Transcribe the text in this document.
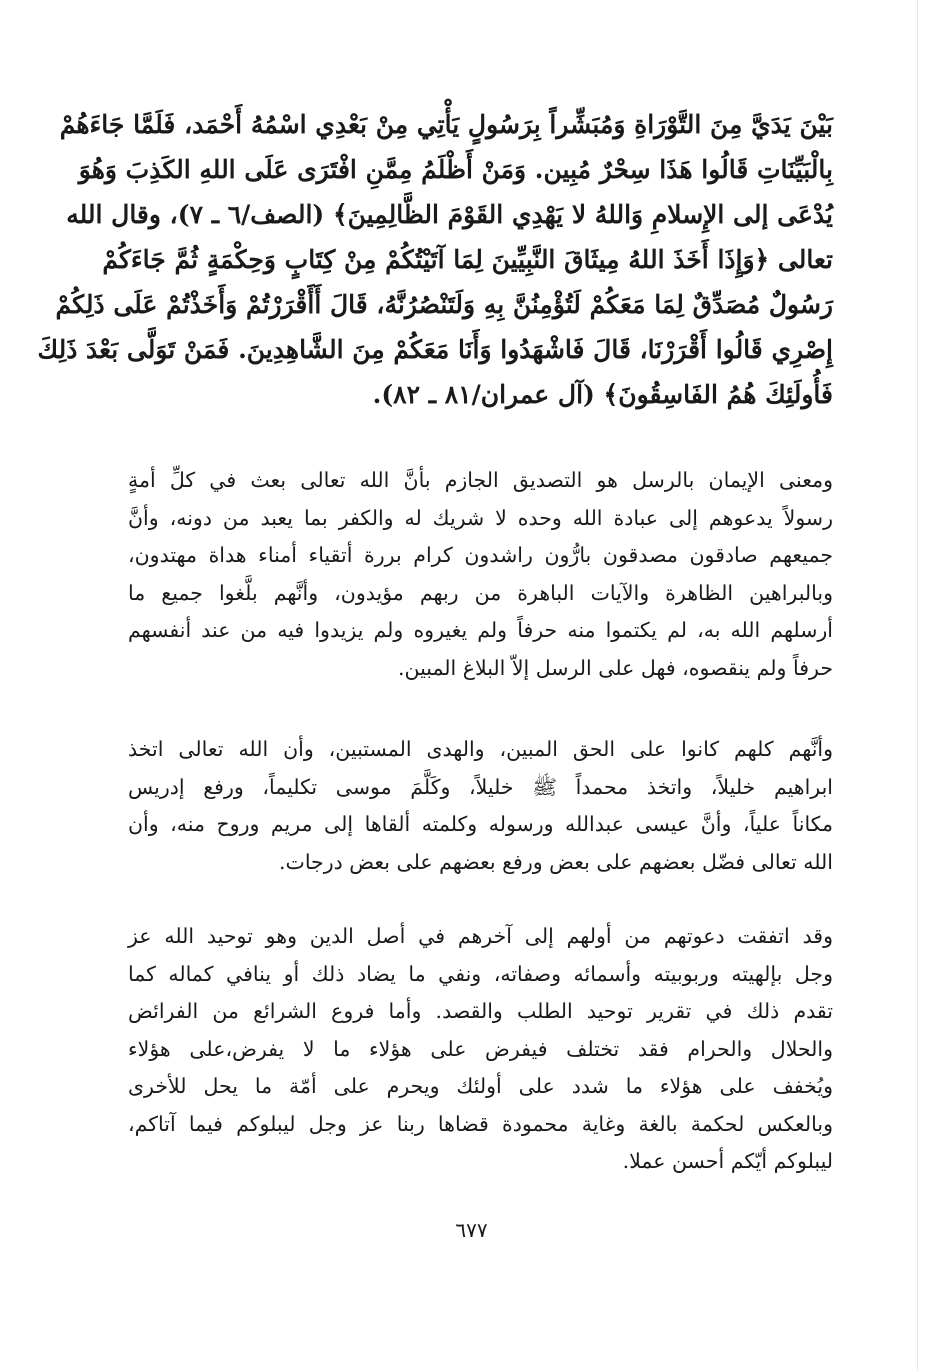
بَيْنَ يَدَيَّ مِنَ التَّوْرَاةِ وَمُبَشِّراً بِرَسُولٍ يَأْتِي مِنْ بَعْدِي اسْمُهُ أَحْمَد، فَلَمَّا جَاءَهُمْ
بِالْبَيِّنَاتِ قَالُوا هَذَا سِحْرٌ مُبِين. وَمَنْ أَظْلَمُ مِمَّنِ افْتَرَى عَلَى اللهِ الكَذِبَ وَهُوَ
يُدْعَى إلى الإِسلامِ وَاللهُ لا يَهْدِي القَوْمَ الظَّالِمِينَ﴾ (الصف/٦ ـ ٧)، وقال الله
تعالى ﴿وَإِذَا أَخَذَ اللهُ مِيثَاقَ النَّبِيِّينَ لِمَا آتَيْتُكُمْ مِنْ كِتَابٍ وَحِكْمَةٍ ثُمَّ جَاءَكُمْ
رَسُولٌ مُصَدِّقٌ لِمَا مَعَكُمْ لَتُؤْمِنُنَّ بِهِ وَلَتَنْصُرُنَّهُ، قَالَ أَأَقْرَرْتُمْ وَأَخَذْتُمْ عَلَى ذَلِكُمْ
إِصْرِي قَالُوا أَقْرَرْنَا، قَالَ فَاشْهَدُوا وَأَنَا مَعَكُمْ مِنَ الشَّاهِدِينَ. فَمَنْ تَوَلَّى بَعْدَ ذَلِكَ
فَأُولَئِكَ هُمُ الفَاسِقُونَ﴾ (آل عمران/٨١ ـ ٨٢).
ومعنى الإيمان بالرسل هو التصديق الجازم بأنَّ الله تعالى بعث في كلِّ أمةٍ
رسولاً يدعوهم إلى عبادة الله وحده لا شريك له والكفر بما يعبد من دونه، وأنَّ
جميعهم صادقون مصدقون بارُّون راشدون كرام بررة أتقياء أمناء هداة مهتدون،
وبالبراهين الظاهرة والآيات الباهرة من ربهم مؤيدون، وأنَّهم بلَّغوا جميع ما
أرسلهم الله به، لم يكتموا منه حرفاً ولم يغيروه ولم يزيدوا فيه من عند أنفسهم
حرفاً ولم ينقصوه، فهل على الرسل إلاّ البلاغ المبين.
وأنَّهم كلهم كانوا على الحق المبين، والهدى المستبين، وأن الله تعالى اتخذ
ابراهيم خليلاً، واتخذ محمداً ﷺ خليلاً، وكَلَّمَ موسى تكليماً، ورفع إدريس
مكاناً علياً، وأنَّ عيسى عبدالله ورسوله وكلمته ألقاها إلى مريم وروح منه، وأن
الله تعالى فضّل بعضهم على بعض ورفع بعضهم على بعض درجات.
وقد اتفقت دعوتهم من أولهم إلى آخرهم في أصل الدين وهو توحيد الله عز
وجل بإلهيته وربوبيته وأسمائه وصفاته، ونفي ما يضاد ذلك أو ينافي كماله كما
تقدم ذلك في تقرير توحيد الطلب والقصد. وأما فروع الشرائع من الفرائض
والحلال والحرام فقد تختلف فيفرض على هؤلاء ما لا يفرض،على هؤلاء
ويُخفف على هؤلاء ما شدد على أولئك ويحرم على أمّة ما يحل للأخرى
وبالعكس لحكمة بالغة وغاية محمودة قضاها ربنا عز وجل ليبلوكم فيما آتاكم،
ليبلوكم أيّكم أحسن عملا.
٦٧٧
